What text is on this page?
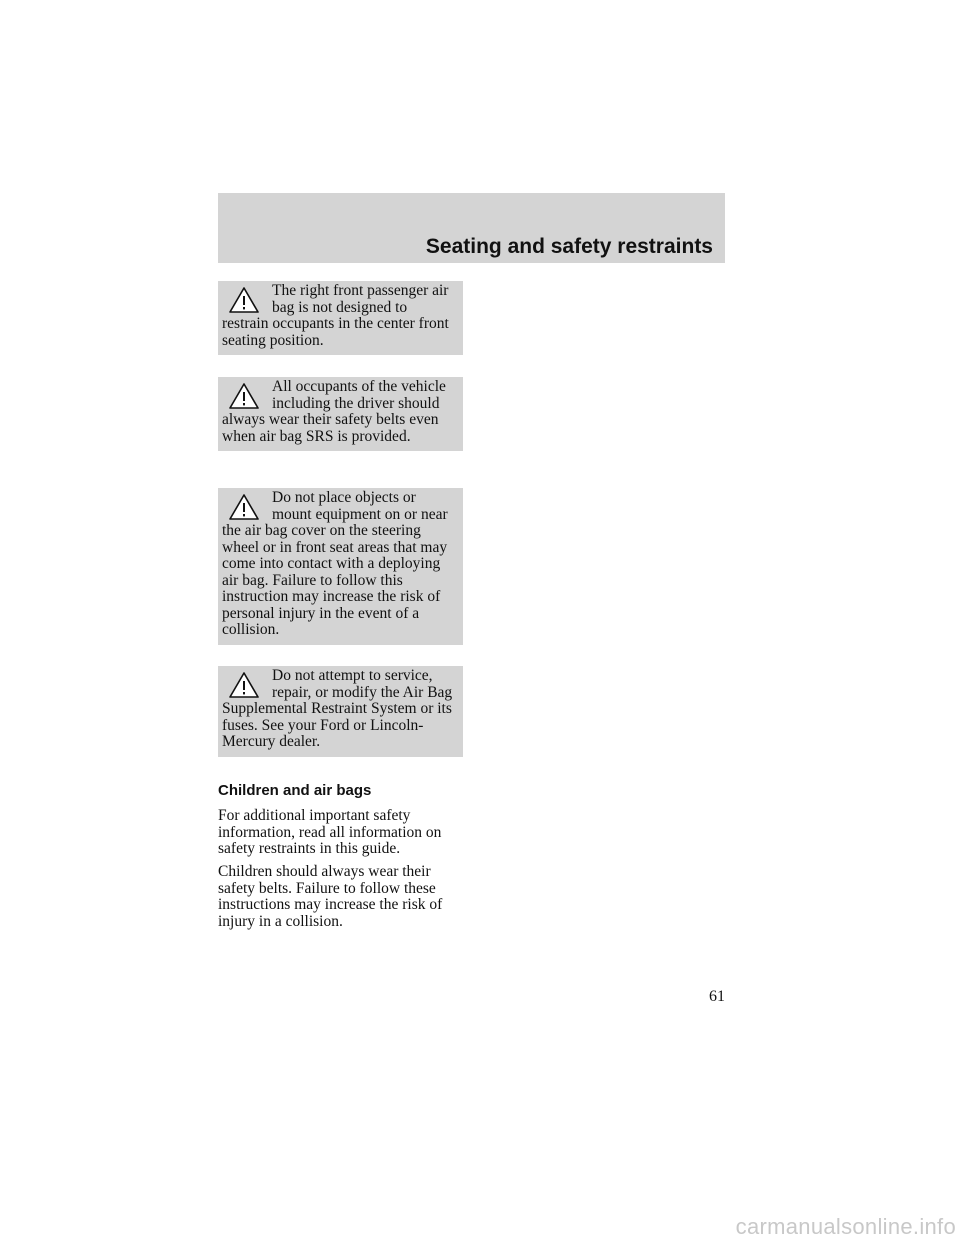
Seating and safety restraints

The right front passenger air bag is not designed to restrain occupants in the center front seating position.

All occupants of the vehicle including the driver should always wear their safety belts even when air bag SRS is provided.

Do not place objects or mount equipment on or near the air bag cover on the steering wheel or in front seat areas that may come into contact with a deploying air bag. Failure to follow this instruction may increase the risk of personal injury in the event of a collision.

Do not attempt to service, repair, or modify the Air Bag Supplemental Restraint System or its fuses. See your Ford or Lincoln-Mercury dealer.

Children and air bags

For additional important safety information, read all information on safety restraints in this guide.

Children should always wear their safety belts. Failure to follow these instructions may increase the risk of injury in a collision.

61
carmanualsonline.info
